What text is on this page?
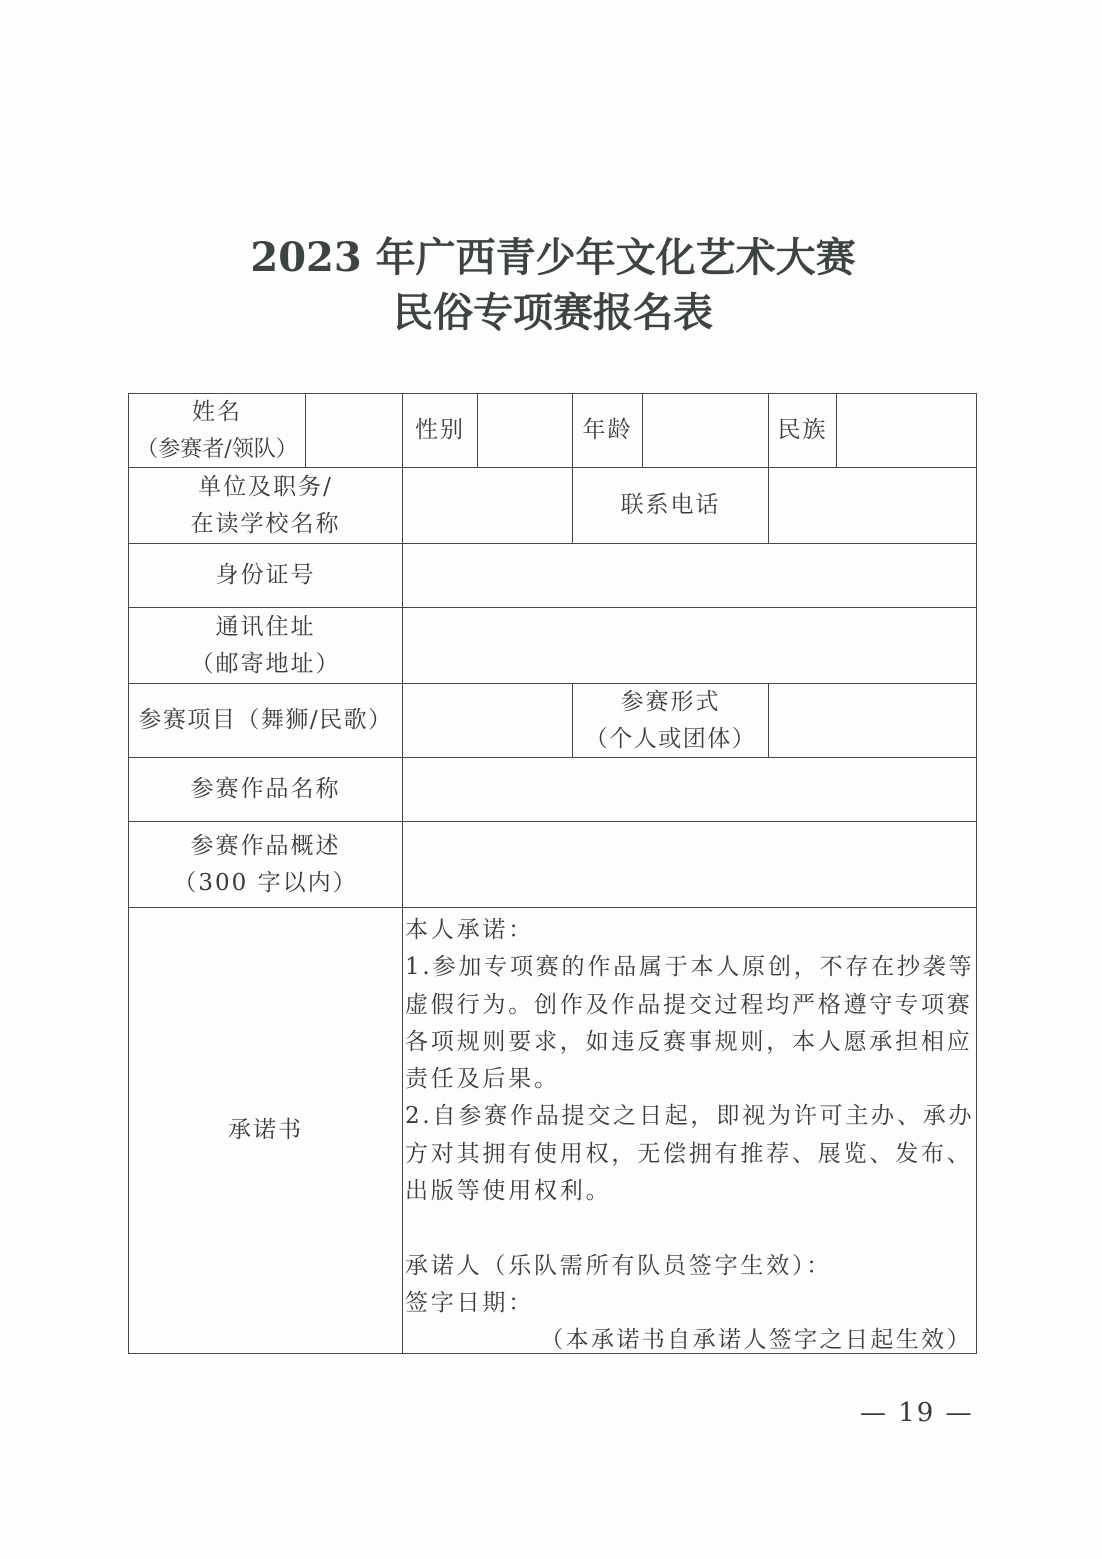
2023 年广西青少年文化艺术大赛
民俗专项赛报名表
姓名
（参赛者/领队）
性别	年龄	民族
单位及职务/
在读学校名称
联系电话
身份证号
通讯住址
（邮寄地址）
参赛项目（舞狮/民歌）
参赛形式
（个人或团体）
参赛作品名称
参赛作品概述
（300 字以内）
承诺书
本人承诺：
1.参加专项赛的作品属于本人原创，不存在抄袭等
虚假行为。创作及作品提交过程均严格遵守专项赛
各项规则要求，如违反赛事规则，本人愿承担相应
责任及后果。
2.自参赛作品提交之日起，即视为许可主办、承办
方对其拥有使用权，无偿拥有推荐、展览、发布、
出版等使用权利。
承诺人（乐队需所有队员签字生效）：
签字日期：
（本承诺书自承诺人签字之日起生效）
— 19 —
